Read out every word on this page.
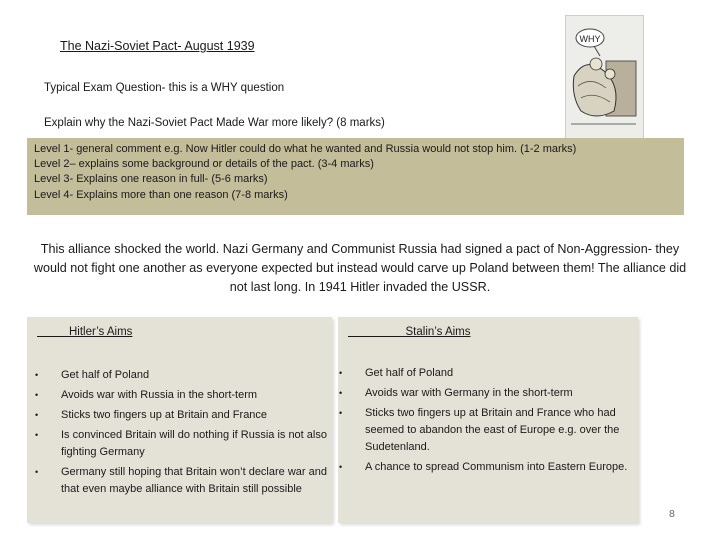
The Nazi-Soviet Pact- August 1939
Typical Exam Question- this is a WHY question
Explain why the Nazi-Soviet Pact Made War more likely? (8 marks)
WHY
Level 1- general comment e.g. Now Hitler could do what he wanted and Russia would not stop him. (1-2 marks)
Level 2– explains some background or details of the pact. (3-4 marks)
Level 3- Explains one reason in full- (5-6 marks)
Level 4- Explains more than one reason (7-8 marks)
This alliance shocked the world. Nazi Germany and Communist Russia had signed a pact of Non-Aggression- they would not fight one another as everyone expected but instead would carve up Poland between them! The alliance did not last long. In 1941 Hitler invaded the USSR.
Hitler’s Aims
• Get half of Poland
• Avoids war with Russia in the short-term
• Sticks two fingers up at Britain and France
• Is convinced Britain will do nothing if Russia is not also fighting Germany
• Germany still hoping that Britain won’t declare war and that even maybe alliance with Britain still possible
Stalin’s Aims
• Get half of Poland
• Avoids war with Germany in the short-term
• Sticks two fingers up at Britain and France who had seemed to abandon the east of Europe e.g. over the Sudetenland.
• A chance to spread Communism into Eastern Europe.
8
